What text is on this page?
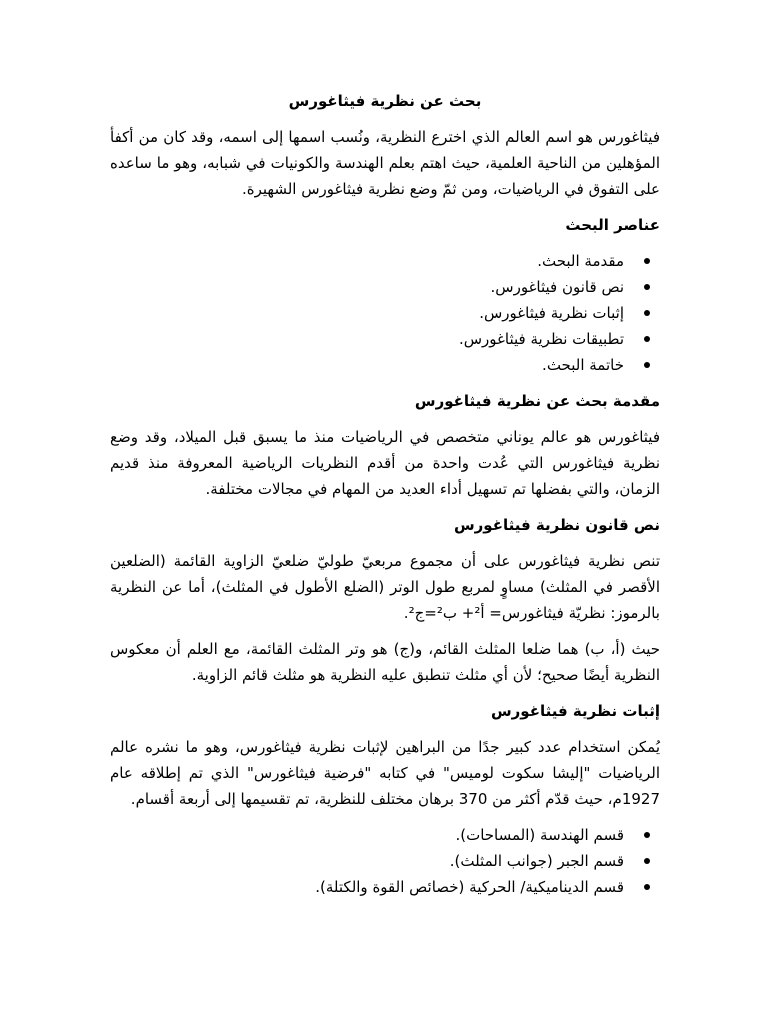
بحث عن نظرية فيثاغورس

فيثاغورس هو اسم العالم الذي اخترع النظرية، ونُسب اسمها إلى اسمه، وقد كان من أكفأ المؤهلين من الناحية العلمية، حيث اهتم بعلم الهندسة والكونيات في شبابه، وهو ما ساعده على التفوق في الرياضيات، ومن ثمّ وضع نظرية فيثاغورس الشهيرة.

عناصر البحث
مقدمة البحث.
نص قانون فيثاغورس.
إثبات نظرية فيثاغورس.
تطبيقات نظرية فيثاغورس.
خاتمة البحث.
مقدمة بحث عن نظرية فيثاغورس

فيثاغورس هو عالم يوناني متخصص في الرياضيات منذ ما يسبق قبل الميلاد، وقد وضع نظرية فيثاغورس التي عُدت واحدة من أقدم النظريات الرياضية المعروفة منذ قديم الزمان، والتي بفضلها تم تسهيل أداء العديد من المهام في مجالات مختلفة.

نص قانون نظرية فيثاغورس

تنص نظرية فيثاغورس على أن مجموع مربعيّ طوليّ ضلعيّ الزاوية القائمة (الضلعين الأقصر في المثلث) مساوٍ لمربع طول الوتر (الضلع الأطول في المثلث)، أما عن النظرية بالرموز: نظريّة فيثاغورس= أ²+ ب²=ج².

حيث (أ، ب) هما ضلعا المثلث القائم، و(ج) هو وتر المثلث القائمة، مع العلم أن معكوس النظرية أيضًا صحيح؛ لأن أي مثلث تنطبق عليه النظرية هو مثلث قائم الزاوية.

إثبات نظرية فيثاغورس

يُمكن استخدام عدد كبير جدًا من البراهين لإثبات نظرية فيثاغورس، وهو ما نشره عالم الرياضيات "إليشا سكوت لوميس" في كتابه "فرضية فيثاغورس" الذي تم إطلاقه عام 1927م، حيث قدّم أكثر من 370 برهان مختلف للنظرية، تم تقسيمها إلى أربعة أقسام.

قسم الهندسة (المساحات).
قسم الجبر (جوانب المثلث).
قسم الديناميكية/ الحركية (خصائص القوة والكتلة).
